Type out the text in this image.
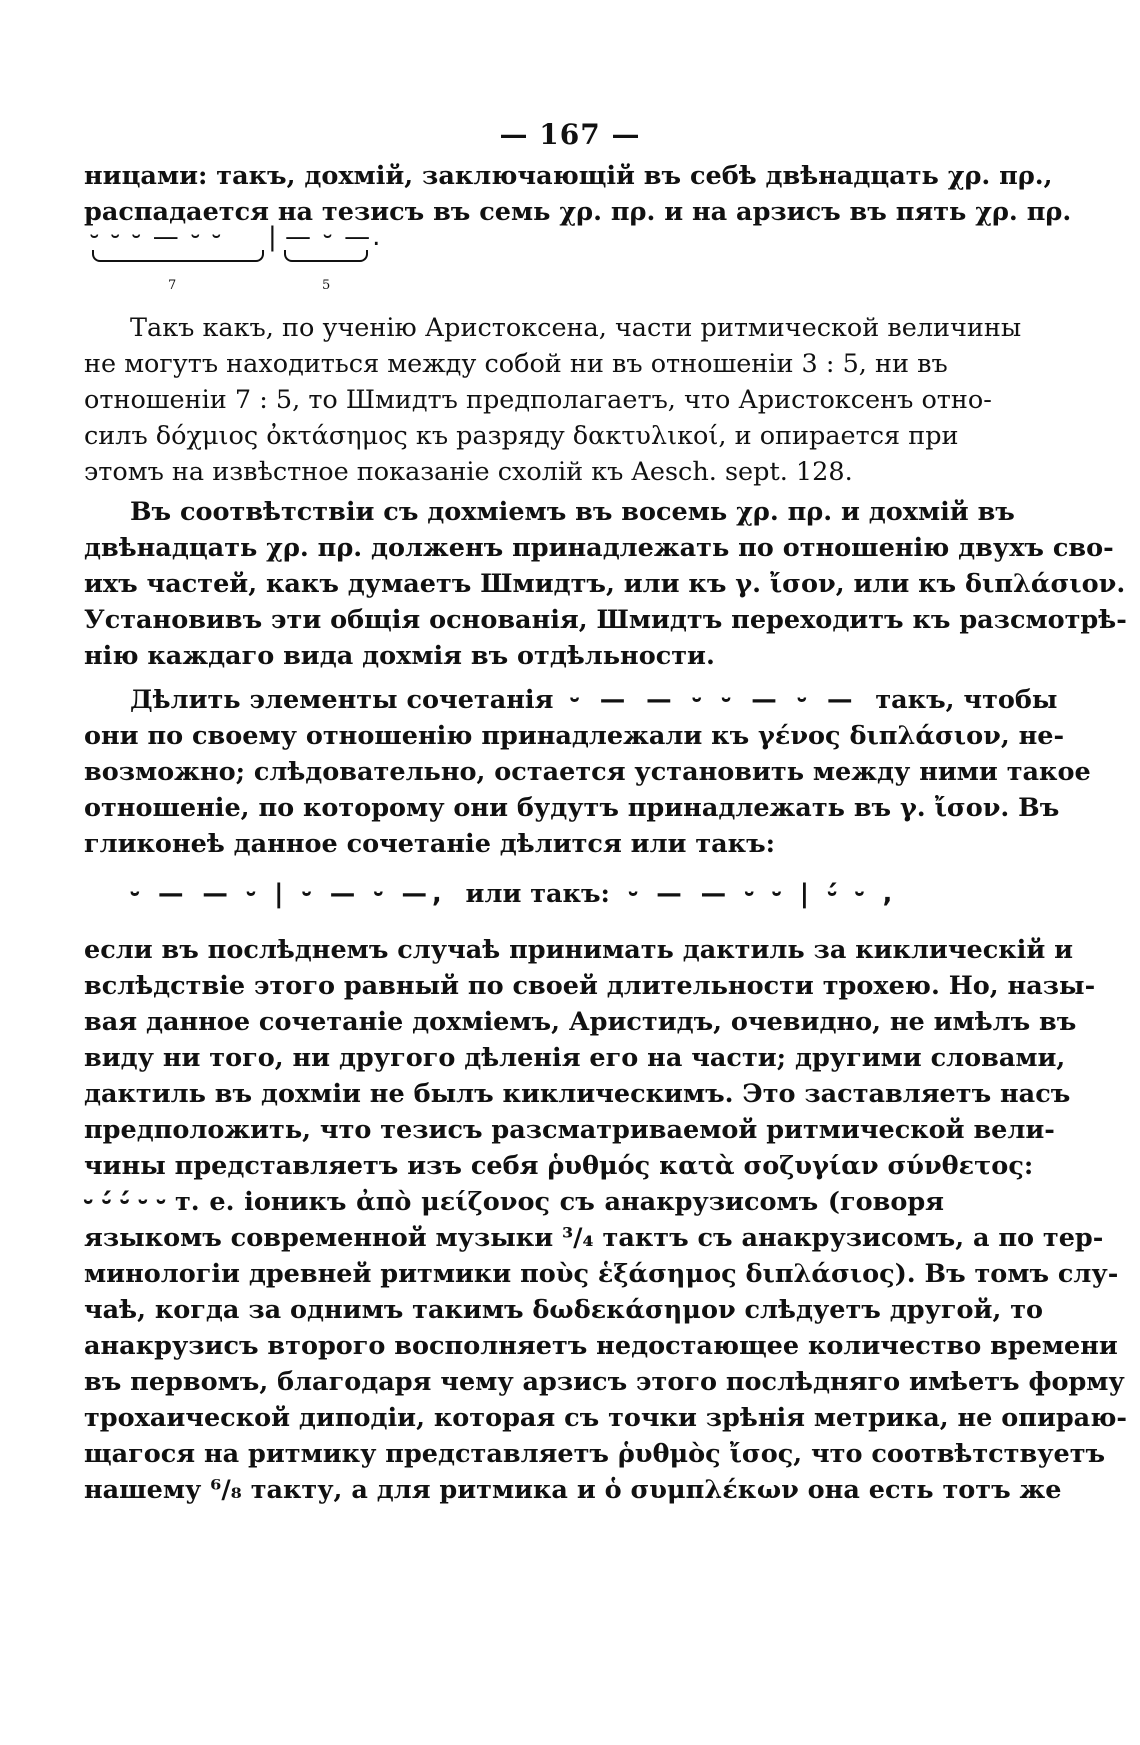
— 167 —
ницами: такъ, дохмій, заключающій въ себѣ двѣнадцать χρ. πρ.,
распадается на тезисъ въ семь χρ. πρ. и на арзисъ въ пять χρ. πρ.
⏑ ⏑ ⏑ — ⏑ ⏑ | — ⏑ —.
7	5
Такъ какъ, по ученію Аристоксена, части ритмической величины
не могутъ находиться между собой ни въ отношеніи 3 : 5, ни въ
отношеніи 7 : 5, то Шмидтъ предполагаетъ, что Аристоксенъ отно-
силъ δόχμιος ὀκτάσημος къ разряду δακτυλικοί, и опирается при
этомъ на извѣстное показаніе схолій къ Aesch. sept. 128.
Въ соотвѣтствіи съ дохміемъ въ восемь χρ. πρ. и дохмій въ
двѣнадцать χρ. πρ. долженъ принадлежать по отношенію двухъ сво-
ихъ частей, какъ думаетъ Шмидтъ, или къ γ. ἴσον, или къ διπλάσιον.
Установивъ эти общія основанія, Шмидтъ переходитъ къ разсмотрѣ-
нію каждаго вида дохмія въ отдѣльности.
Дѣлить элементы сочетанія ⏑ — — ⏑ ⏑ — ⏑ — такъ, чтобы
они по своему отношенію принадлежали къ γένος διπλάσιον, не-
возможно; слѣдовательно, остается установить между ними такое
отношеніе, по которому они будутъ принадлежать въ γ. ἴσον. Въ
гликонеѣ данное сочетаніе дѣлится или такъ:
⏑ — — ⏑ | ⏑ — ⏑ —, или такъ: ⏑ — — ⏑ ⏑ | ⏑́ ⏑ ,
если въ послѣднемъ случаѣ принимать дактиль за киклическій и
вслѣдствіе этого равный по своей длительности трохею. Но, назы-
вая данное сочетаніе дохміемъ, Аристидъ, очевидно, не имѣлъ въ
виду ни того, ни другого дѣленія его на части; другими словами,
дактиль въ дохміи не былъ киклическимъ. Это заставляетъ насъ
предположить, что тезисъ разсматриваемой ритмической вели-
чины представляетъ изъ себя ῥυθμός κατὰ σοζυγίαν σύνθετος:
⏑ ⏑́ ⏑́ ⏑ ⏑ т. е. іоникъ ἀπὸ μείζονος съ анакрузисомъ (говоря
языкомъ современной музыки ³/₄ тактъ съ анакрузисомъ, а по тер-
минологіи древней ритмики ποὺς ἑξάσημος διπλάσιος). Въ томъ слу-
чаѣ, когда за однимъ такимъ δωδεκάσημον слѣдуетъ другой, то
анакрузисъ второго восполняетъ недостающее количество времени
въ первомъ, благодаря чему арзисъ этого послѣдняго имѣетъ форму
трохаической диподіи, которая съ точки зрѣнія метрика, не опираю-
щагося на ритмику представляетъ ῥυθμὸς ἴσος, что соотвѣтствуетъ
нашему ⁶/₈ такту, а для ритмика и ὁ συμπλέκων она есть тотъ же
